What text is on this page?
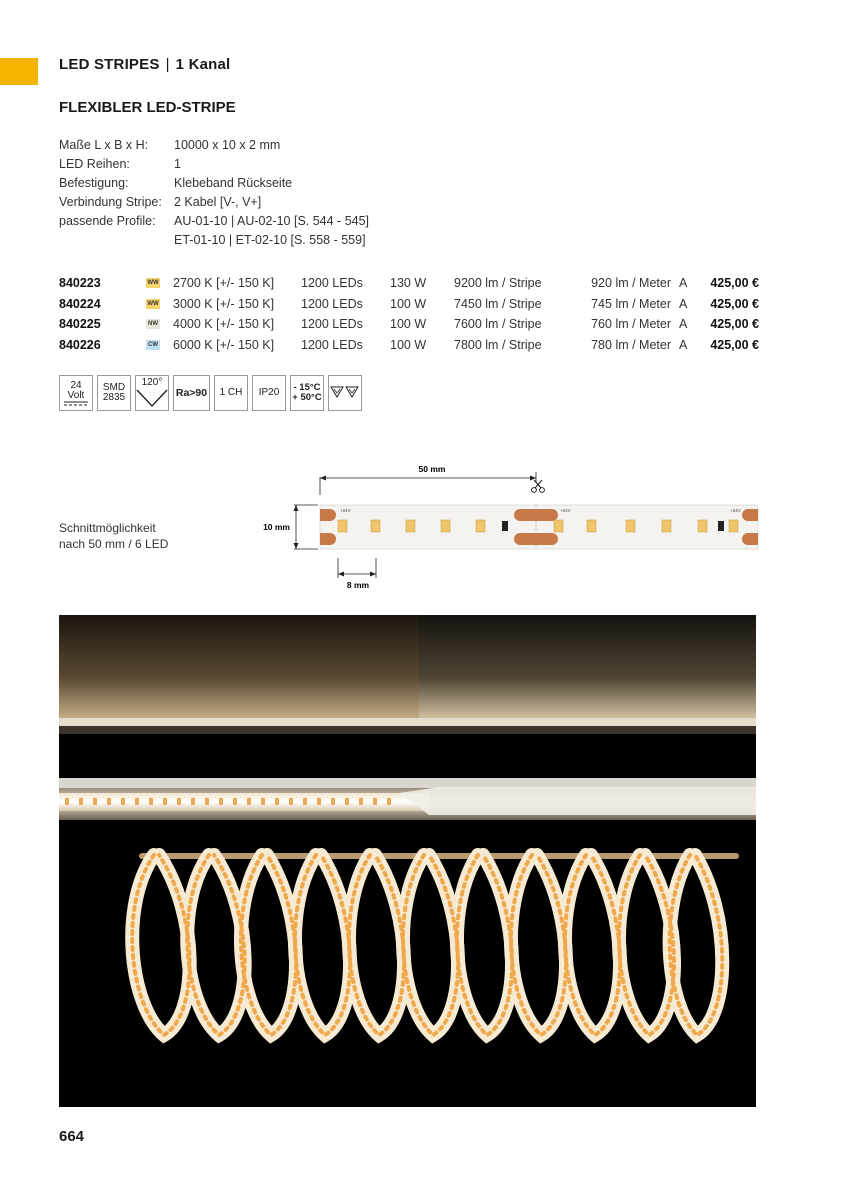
LED STRIPES | 1 Kanal
FLEXIBLER LED-STRIPE
Maße L x B x H:	10000 x 10 x 2 mm
LED Reihen:	1
Befestigung:	Klebeband Rückseite
Verbindung Stripe: 2 Kabel [V-, V+]
passende Profile:	AU-01-10 | AU-02-10 [S. 544 - 545]
ET-01-10 | ET-02-10 [S. 558 - 559]
840223	WW 2700 K [+/- 150 K] 1200 LEDs 130 W 9200 lm / Stripe	920 lm / Meter A 425,00 €
840224	WW 3000 K [+/- 150 K] 1200 LEDs 100 W 7450 lm / Stripe	745 lm / Meter A 425,00 €
840225	NW 4000 K [+/- 150 K] 1200 LEDs 100 W 7600 lm / Stripe	760 lm / Meter A 425,00 €
840226	CW 6000 K [+/- 150 K] 1200 LEDs 100 W 7800 lm / Stripe	780 lm / Meter A 425,00 €
24
Volt
SMD
2835
120°
Ra>90 1 CH IP20 - 15°C
+ 50°C
Schnittmöglichkeit
nach 50 mm / 6 LED
50 mm
10 mm
+24V	+24V	+24V
8 mm
664
